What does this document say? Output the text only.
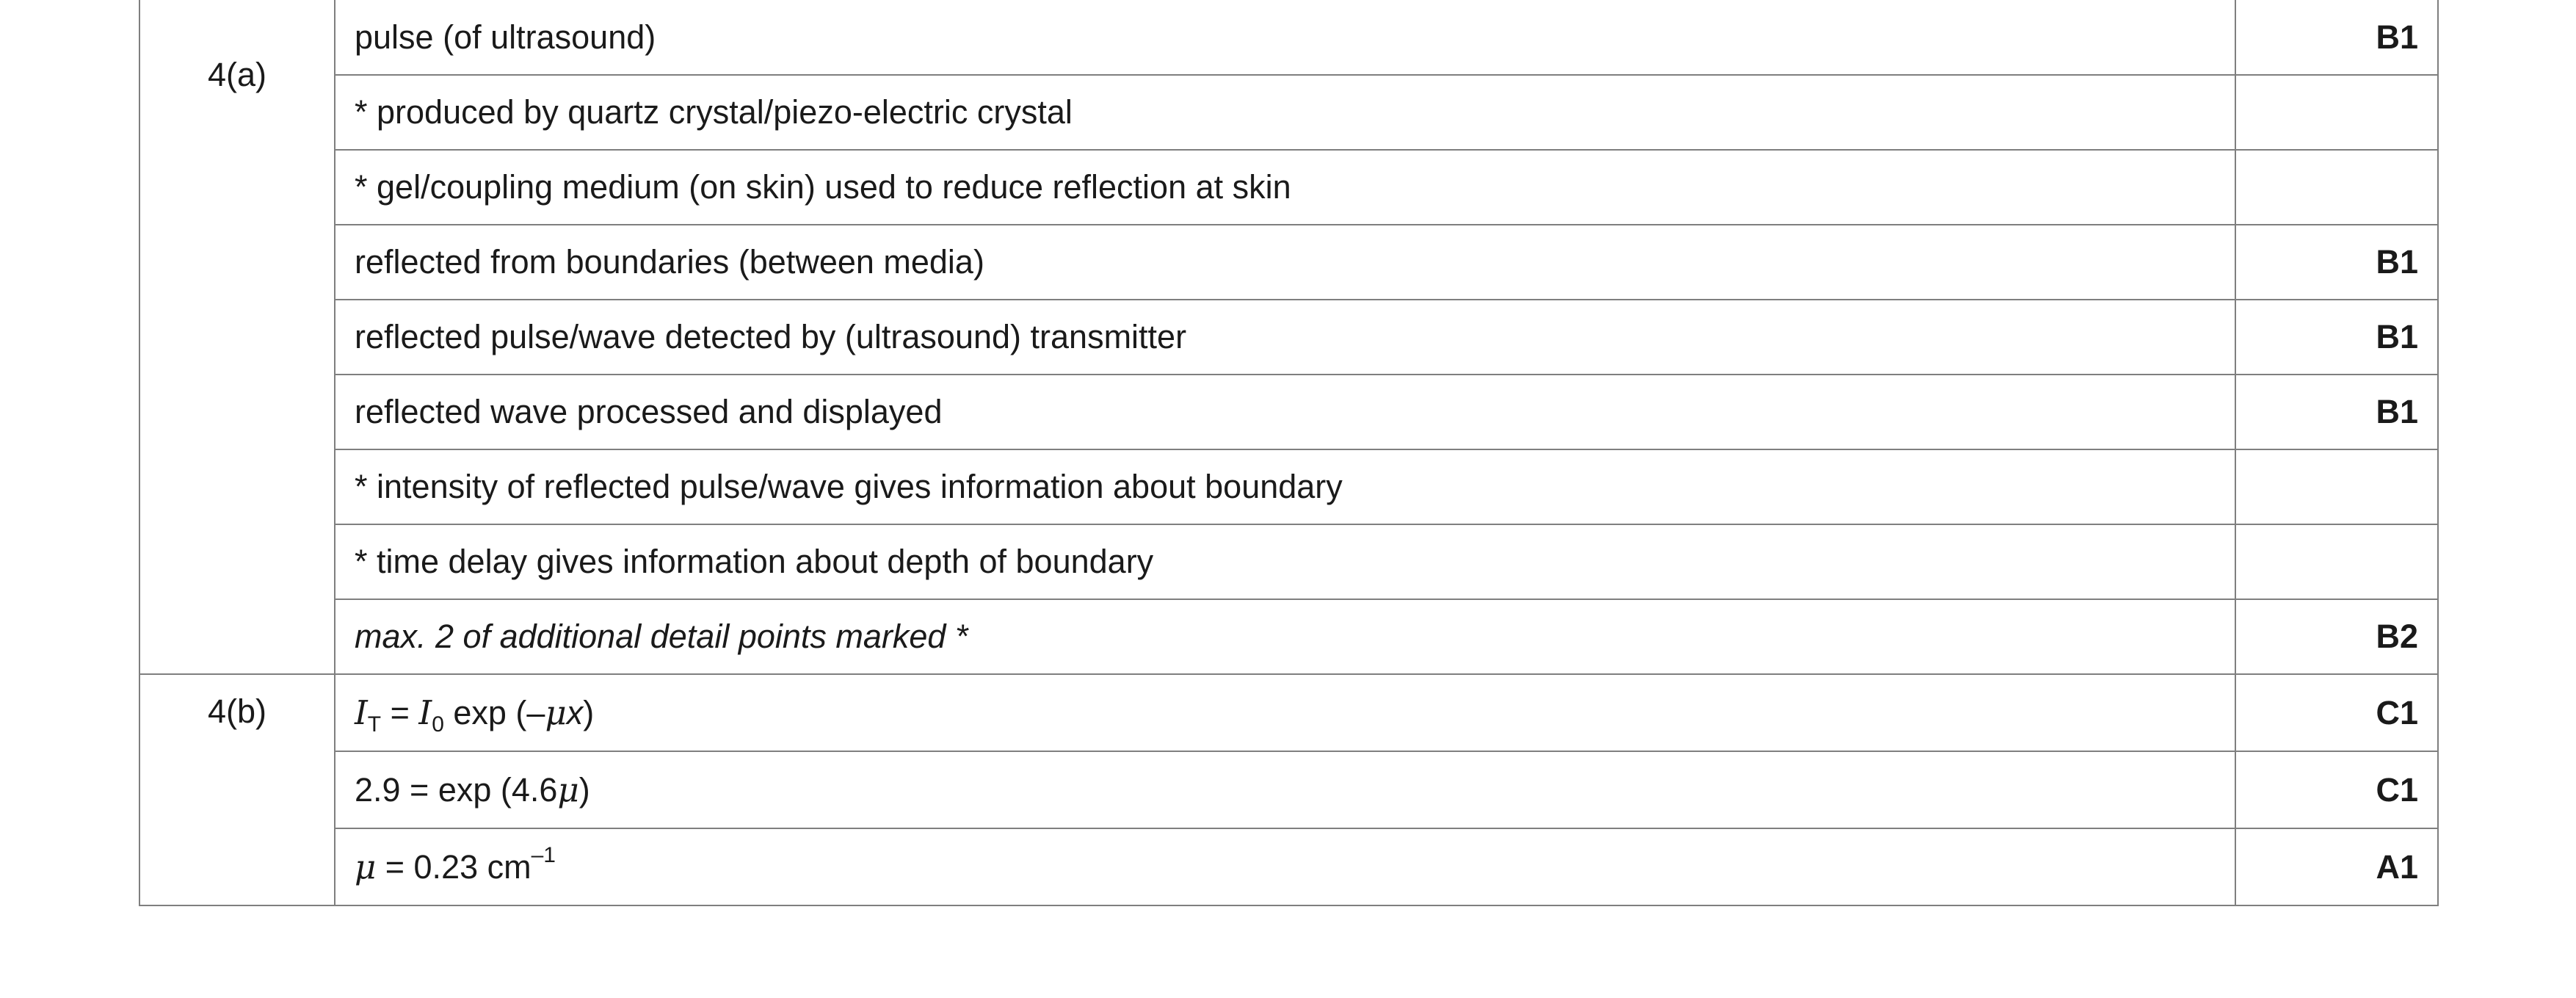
4(a)	pulse (of ultrasound)	B1
	* produced by quartz crystal/piezo-electric crystal	
	* gel/coupling medium (on skin) used to reduce reflection at skin	
	reflected from boundaries (between media)	B1
	reflected pulse/wave detected by (ultrasound) transmitter	B1
	reflected wave processed and displayed	B1
	* intensity of reflected pulse/wave gives information about boundary	
	* time delay gives information about depth of boundary	
	max. 2 of additional detail points marked *	B2
4(b)	$I_T = I_0$ exp (–μx)	C1
	2.9 = exp (4.6μ)	C1
	μ = 0.23 $cm^{-1}$	A1
